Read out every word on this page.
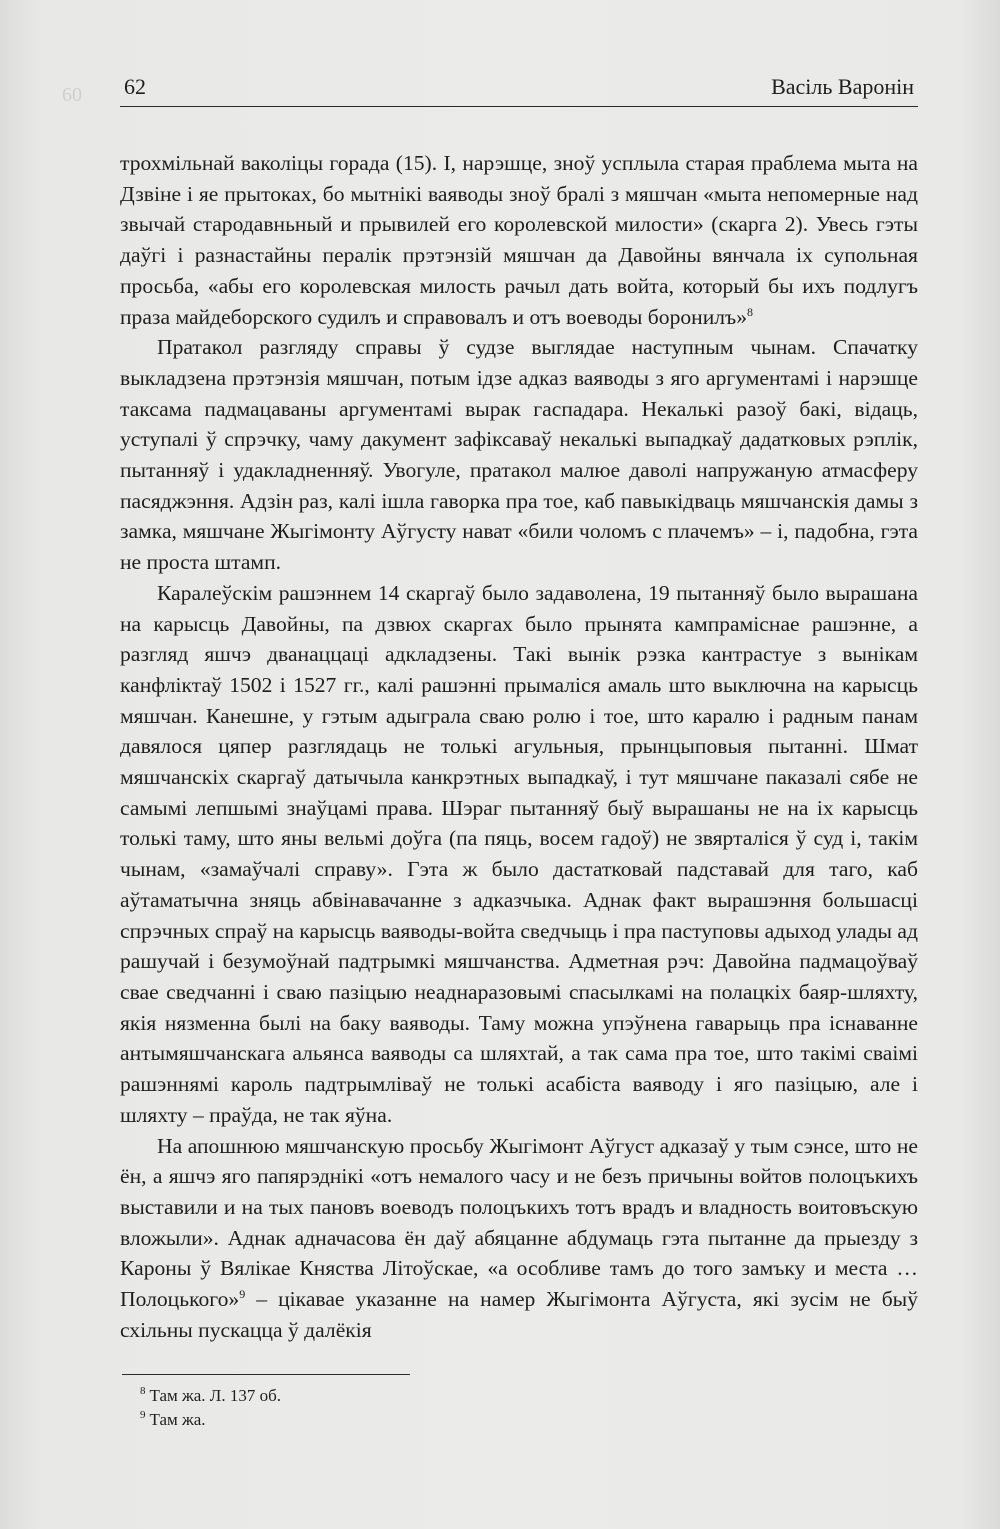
60 62	Васіль Варонін

трохмільнай ваколіцы горада (15). І, нарэшце, зноў усплыла старая праблема мыта на Дзвіне і яе прытоках, бо мытнікі ваяводы зноў бралі з мяшчан «мыта непомерные над звычай стародавньный и прывилей его королевской милости» (скарга 2). Увесь гэты даўгі і разнастайны пералік прэтэнзій мяшчан да Давойны вянчала іх супольная просьба, «абы его королевская милость рачыл дать войта, который бы ихъ подлугъ праза майдеборского судилъ и справовалъ и отъ воеводы боронилъ»$^8$

Пратакол разгляду справы ў судзе выглядае наступным чынам. Спачатку выкладзена прэтэнзія мяшчан, потым ідзе адказ ваяводы з яго аргументамі і нарэшце таксама падмацаваны аргументамі вырак гаспадара. Некалькі разоў бакі, відаць, уступалі ў спрэчку, чаму дакумент зафіксаваў некалькі выпадкаў дадатковых рэплік, пытанняў і удакладненняў. Увогуле, пратакол малюе даволі напружаную атмасферу пасяджэння. Адзін раз, калі ішла гаворка пра тое, каб павыкідваць мяшчанскія дамы з замка, мяшчане Жыгімонту Аўгусту нават «били чоломъ с плачемъ» – і, падобна, гэта не проста штамп.

Каралеўскім рашэннем 14 скаргаў было задаволена, 19 пытанняў было вырашана на карысць Давойны, па дзвюх скаргах было прынята кампраміснае рашэнне, а разгляд яшчэ дванаццаці адкладзены. Такі вынік рэзка кантрастуе з вынікам канфліктаў 1502 і 1527 гг., калі рашэнні прымаліся амаль што выключна на карысць мяшчан. Канешне, у гэтым адыграла сваю ролю і тое, што каралю і радным панам давялося цяпер разглядаць не толькі агульныя, прынцыповыя пытанні. Шмат мяшчанскіх скаргаў датычыла канкрэтных выпадкаў, і тут мяшчане паказалі сябе не самымі лепшымі знаўцамі права. Шэраг пытанняў быў вырашаны не на іх карысць толькі таму, што яны вельмі доўга (па пяць, восем гадоў) не звярталіся ў суд і, такім чынам, «замаўчалі справу». Гэта ж было дастатковай падставай для таго, каб аўтаматычна зняць абвінавачанне з адказчыка. Аднак факт вырашэння большасці спрэчных спраў на карысць ваяводы-войта сведчыць і пра паступовы адыход улады ад рашучай і безумоўнай падтрымкі мяшчанства. Адметная рэч: Давойна падмацоўваў свае сведчанні і сваю пазіцыю неаднаразовымі спасылкамі на полацкіх баяр-шляхту, якія нязменна былі на баку ваяводы. Таму можна упэўнена гаварыць пра існаванне антымяшчанскага альянса ваяводы са шляхтай, а так сама пра тое, што такімі сваімі рашэннямі кароль падтрымліваў не толькі асабіста ваяводу і яго пазіцыю, але і шляхту – праўда, не так яўна.

На апошнюю мяшчанскую просьбу Жыгімонт Аўгуст адказаў у тым сэнсе, што не ён, а яшчэ яго папярэднікі «отъ немалого часу и не безъ причыны войтов полоцъкихъ выставили и на тых пановъ воеводъ полоцъкихъ тотъ врадъ и владность воитовъскую вложыли». Аднак адначасова ён даў абяцанне абдумаць гэта пытанне да прыезду з Кароны ў Вялікае Княства Літоўскае, «а особливе тамъ до того замъку и места … Полоцького»$^9$ – цікавае указанне на намер Жыгімонта Аўгуста, які зусім не быў схільны пускацца ў далёкія

$^8$ Там жа. Л. 137 об.
$^9$ Там жа.
